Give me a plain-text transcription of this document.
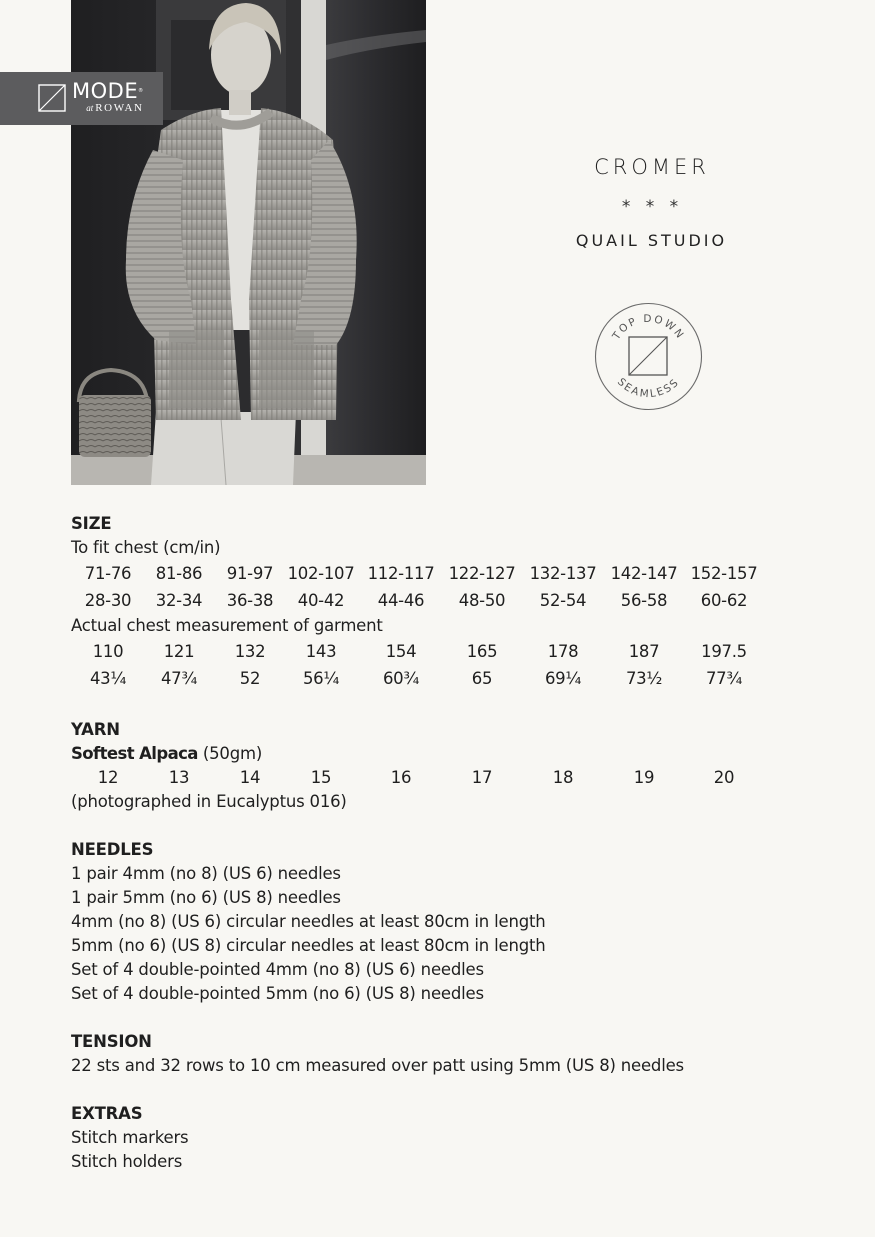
MODE®
at ROWAN
CROMER
* * *
QUAIL STUDIO
TOP DOWN
SEAMLESS
SIZE
To fit chest (cm/in)
71-76 81-86 91-97 102-107 112-117 122-127 132-137 142-147 152-157
28-30 32-34 36-38 40-42 44-46 48-50 52-54 56-58 60-62
Actual chest measurement of garment
110 121 132 143	154	165	178	187	197.5
43¼ 47¾	52	56¼	60¾	65	69¼	73½	77¾
YARN
Softest Alpaca (50gm)
12	13	14	15	16	17	18	19	20
(photographed in Eucalyptus 016)
NEEDLES
1 pair 4mm (no 8) (US 6) needles
1 pair 5mm (no 6) (US 8) needles
4mm (no 8) (US 6) circular needles at least 80cm in length
5mm (no 6) (US 8) circular needles at least 80cm in length
Set of 4 double-pointed 4mm (no 8) (US 6) needles
Set of 4 double-pointed 5mm (no 6) (US 8) needles
TENSION
22 sts and 32 rows to 10 cm measured over patt using 5mm (US 8) needles
EXTRAS
Stitch markers
Stitch holders
